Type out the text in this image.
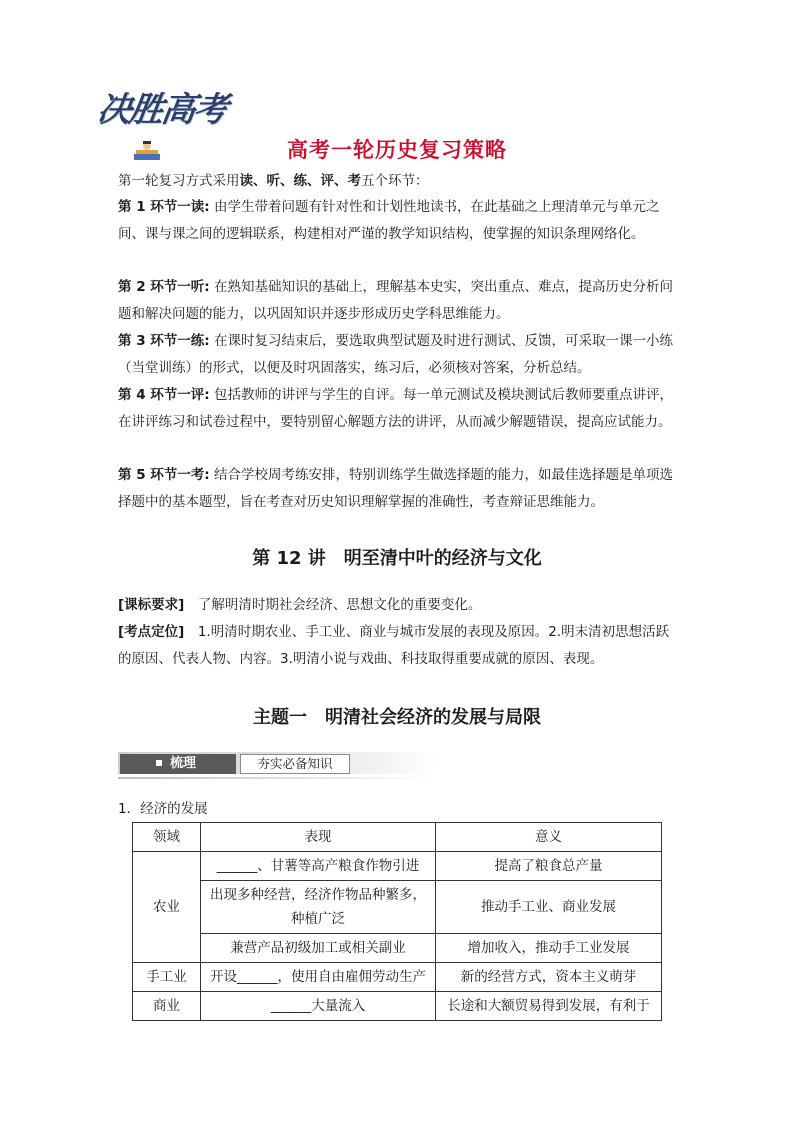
决胜高考
高考一轮历史复习策略

第一轮复习方式采用读、听、练、评、考五个环节：

第 1 环节一读: 由学生带着问题有针对性和计划性地读书，在此基础之上理清单元与单元之间、课与课之间的逻辑联系，构建相对严谨的教学知识结构，使掌握的知识条理网络化。

第 2 环节一听: 在熟知基础知识的基础上，理解基本史实，突出重点、难点，提高历史分析问题和解决问题的能力，以巩固知识并逐步形成历史学科思维能力。

第 3 环节一练: 在课时复习结束后，要选取典型试题及时进行测试、反馈，可采取一课一小练（当堂训练）的形式，以便及时巩固落实，练习后，必须核对答案，分析总结。

第 4 环节一评: 包括教师的讲评与学生的自评。每一单元测试及模块测试后教师要重点讲评，在讲评练习和试卷过程中，要特别留心解题方法的讲评，从而减少解题错误，提高应试能力。

第 5 环节一考: 结合学校周考练安排，特别训练学生做选择题的能力，如最佳选择题是单项选择题中的基本题型，旨在考查对历史知识理解掌握的准确性，考查辩证思维能力。

第 12 讲　明至清中叶的经济与文化

[课标要求]　了解明清时期社会经济、思想文化的重要变化。

[考点定位]　1.明清时期农业、手工业、商业与城市发展的表现及原因。2.明末清初思想活跃的原因、代表人物、内容。3.明清小说与戏曲、科技取得重要成就的原因、表现。

主题一　明清社会经济的发展与局限
梳理	夯实必备知识
1．经济的发展
领域	表现	意义
农业	______、甘薯等高产粮食作物引进	提高了粮食总产量
	出现多种经营，经济作物品种繁多，种植广泛	推动手工业、商业发展
	兼营产品初级加工或相关副业	增加收入，推动手工业发展
手工业	开设______，使用自由雇佣劳动生产	新的经营方式，资本主义萌芽
商业	______大量流入	长途和大额贸易得到发展，有利于
